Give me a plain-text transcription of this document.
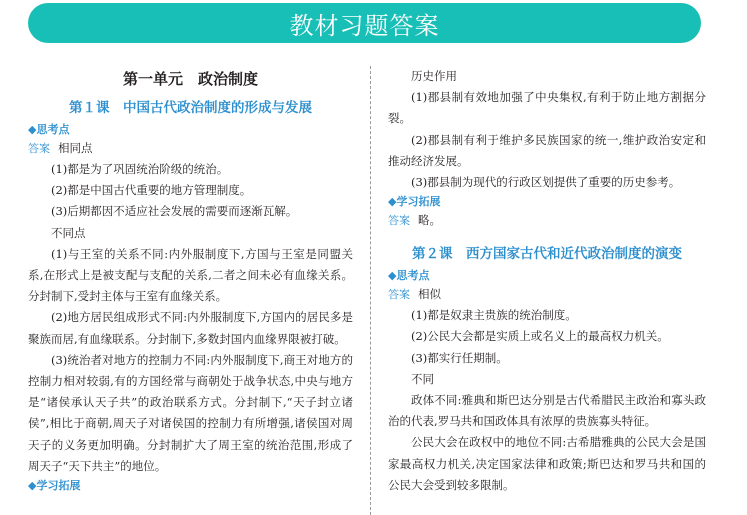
教材习题答案
第一单元　政治制度
第１课　中国古代政治制度的形成与发展
◆思考点
答案 相同点

(1)都是为了巩固统治阶级的统治。

(2)都是中国古代重要的地方管理制度。

(3)后期都因不适应社会发展的需要而逐渐瓦解。

不同点

(1)与王室的关系不同:内外服制度下,方国与王室是同盟关系,在形式上是被支配与支配的关系,二者之间未必有血缘关系。分封制下,受封主体与王室有血缘关系。

(2)地方居民组成形式不同:内外服制度下,方国内的居民多是聚族而居,有血缘联系。分封制下,多数封国内血缘界限被打破。

(3)统治者对地方的控制力不同:内外服制度下,商王对地方的控制力相对较弱,有的方国经常与商朝处于战争状态,中央与地方是“诸侯承认天子共”的政治联系方式。分封制下,“天子封立诸侯”,相比于商朝,周天子对诸侯国的控制力有所增强,诸侯国对周天子的义务更加明确。分封制扩大了周王室的统治范围,形成了周天子“天下共主”的地位。

◆学习拓展

历史作用

(1)郡县制有效地加强了中央集权,有利于防止地方割据分裂。

(2)郡县制有利于维护多民族国家的统一,维护政治安定和推动经济发展。

(3)郡县制为现代的行政区划提供了重要的历史参考。

◆学习拓展
答案 略。
第２课　西方国家古代和近代政治制度的演变
◆思考点
答案 相似

(1)都是奴隶主贵族的统治制度。

(2)公民大会都是实质上或名义上的最高权力机关。

(3)都实行任期制。

不同

政体不同:雅典和斯巴达分别是古代希腊民主政治和寡头政治的代表,罗马共和国政体具有浓厚的贵族寡头特征。

公民大会在政权中的地位不同:古希腊雅典的公民大会是国家最高权力机关,决定国家法律和政策;斯巴达和罗马共和国的公民大会受到较多限制。
